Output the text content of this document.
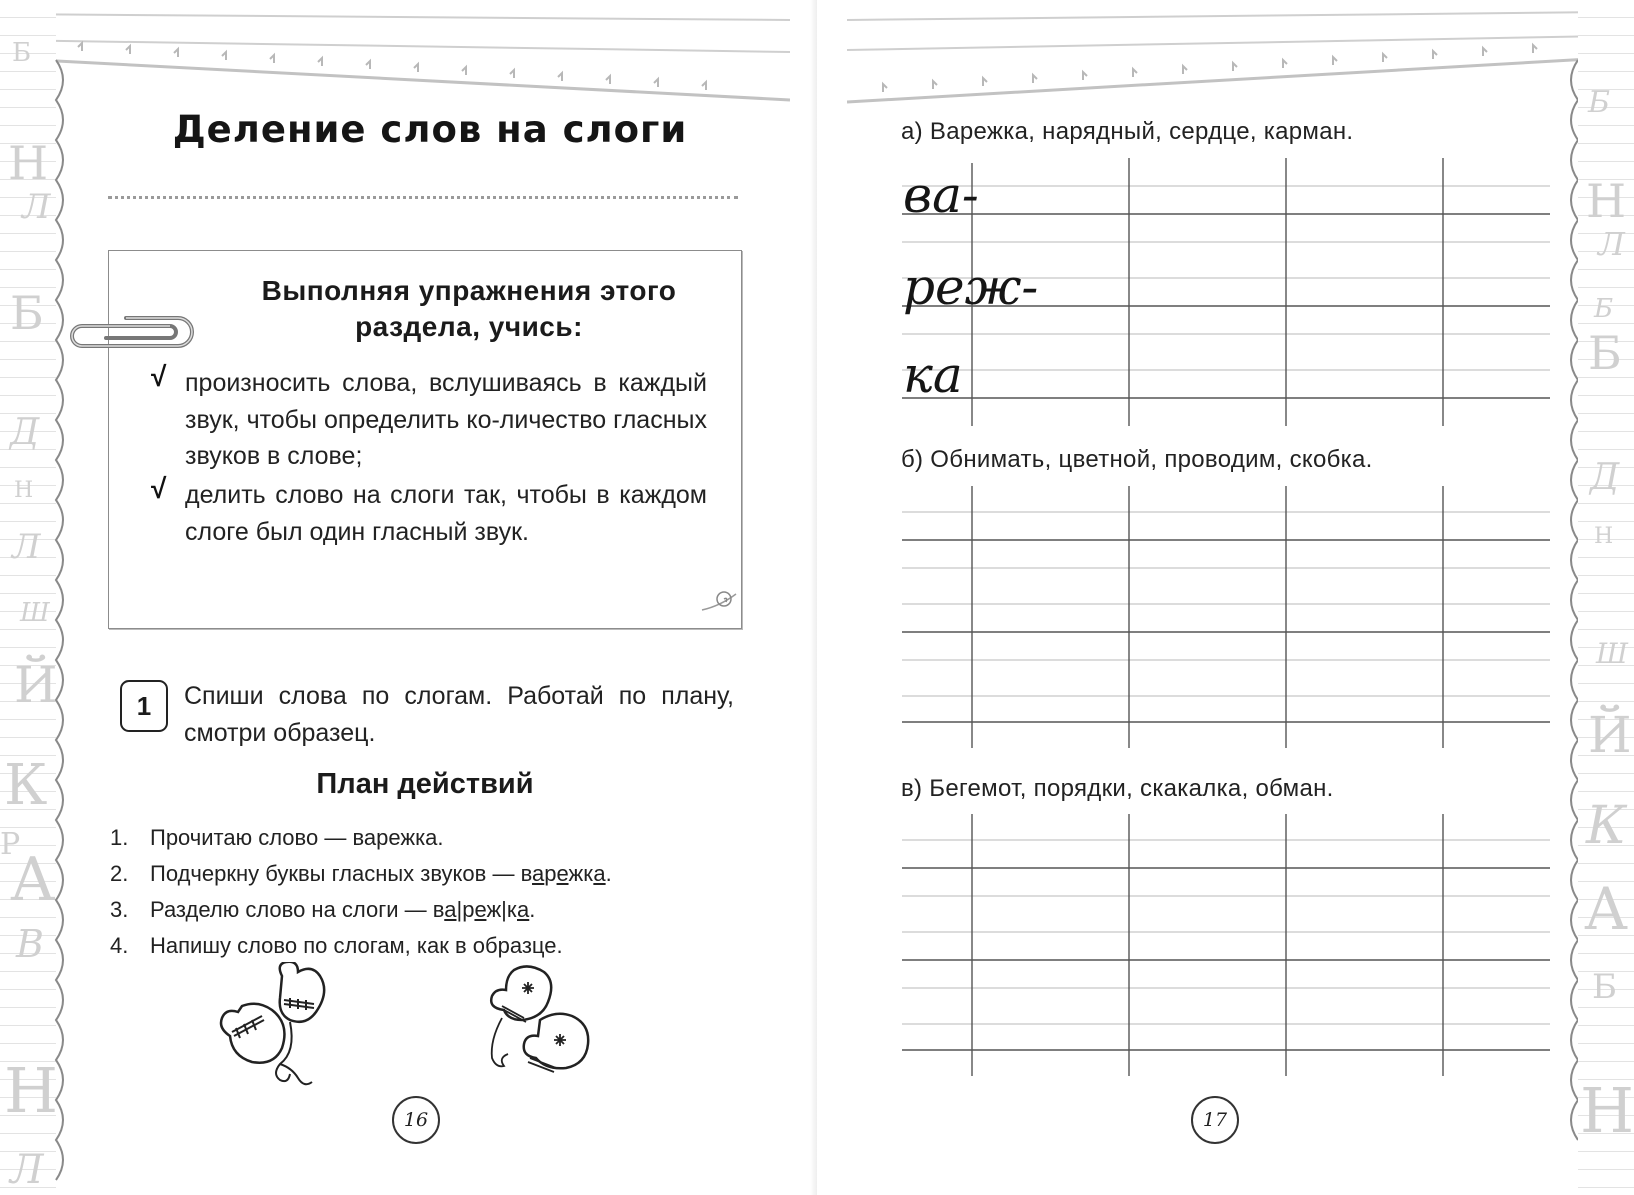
Б
Н
Л
Б
Д
Н
Л
Ш
Й
К
Р
А
В
Н
Л
Деление слов на слоги
Выполняя упражнения этого раздела, учись:
√ произносить слова, вслушиваясь в каждый звук, чтобы определить ко-личество гласных звуков в слове;
√ делить слово на слоги так, чтобы в каждом слоге был один гласный звук.
1	Спиши слова по слогам. Работай по плану, смотри образец.
План действий
1. Прочитаю слово — варежка.
2. Подчеркну буквы гласных звуков — варежка.
3. Разделю слово на слоги — ва|реж|ка.
4. Напишу слово по слогам, как в образце.
16
Б
Н
Л
Б
Б
Д
Н
Ш
Й
К
А
Б
Н
а) Варежка, нарядный, сердце, карман.
ва-
реж-
ка
б) Обнимать, цветной, проводим, скобка.
в) Бегемот, порядки, скакалка, обман.
17
